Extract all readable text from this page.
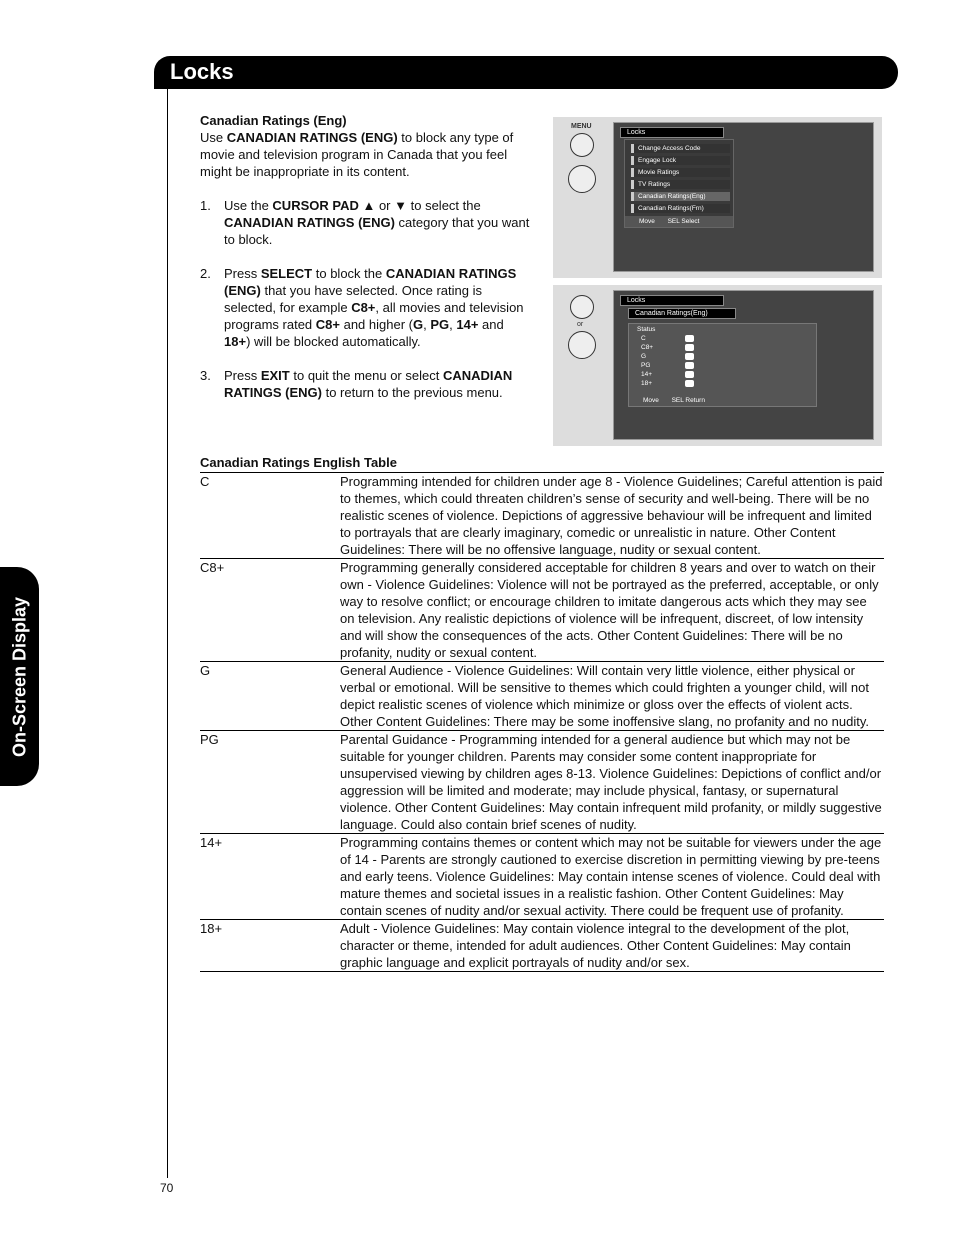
Locks
On-Screen Display
70

Canadian Ratings (Eng)

Use CANADIAN RATINGS (ENG) to block any type of movie and television program in Canada that you feel might be inappropriate in its content.

1.	Use the CURSOR PAD ▲ or ▼ to select the CANADIAN RATINGS (ENG) category that you want to block.
2.	Press SELECT to block the CANADIAN RATINGS (ENG) that you have selected. Once rating is selected, for example C8+, all movies and television programs rated C8+ and higher (G, PG, 14+ and 18+) will be blocked automatically.
3.	Press EXIT to quit the menu or select CANADIAN RATINGS (ENG) to return to the previous menu.
MENU
Locks
Change Access Code
Engage Lock
Movie Ratings
TV Ratings
Canadian Ratings(Eng)
Canadian Ratings(Frn)
Move SEL Select
or
Locks
Canadian Ratings(Eng)
Status
C
C8+
G
PG
14+
18+
Move SEL Return
Canadian Ratings English Table
C	Programming intended for children under age 8 - Violence Guidelines; Careful attention is paid to themes, which could threaten children’s sense of security and well-being. There will be no realistic scenes of violence. Depictions of aggressive behaviour will be infrequent and limited to portrayals that are clearly imaginary, comedic or unrealistic in nature. Other Content Guidelines: There will be no offensive language, nudity or sexual content.
C8+	Programming generally considered acceptable for children 8 years and over to watch on their own - Violence Guidelines: Violence will not be portrayed as the preferred, acceptable, or only way to resolve conflict; or encourage children to imitate dangerous acts which they may see on television. Any realistic depictions of violence will be infrequent, discreet, of low intensity and will show the consequences of the acts. Other Content Guidelines: There will be no profanity, nudity or sexual content.
G	General Audience - Violence Guidelines: Will contain very little violence, either physical or verbal or emotional. Will be sensitive to themes which could frighten a younger child, will not depict realistic scenes of violence which minimize or gloss over the effects of violent acts. Other Content Guidelines: There may be some inoffensive slang, no profanity and no nudity.
PG	Parental Guidance - Programming intended for a general audience but which may not be suitable for younger children. Parents may consider some content inappropriate for unsupervised viewing by children ages 8-13. Violence Guidelines: Depictions of conflict and/or aggression will be limited and moderate; may include physical, fantasy, or supernatural violence. Other Content Guidelines: May contain infrequent mild profanity, or mildly suggestive language. Could also contain brief scenes of nudity.
14+	Programming contains themes or content which may not be suitable for viewers under the age of 14 - Parents are strongly cautioned to exercise discretion in permitting viewing by pre-teens and early teens. Violence Guidelines: May contain intense scenes of violence. Could deal with mature themes and societal issues in a realistic fashion. Other Content Guidelines: May contain scenes of nudity and/or sexual activity. There could be frequent use of profanity.
18+	Adult - Violence Guidelines: May contain violence integral to the development of the plot, character or theme, intended for adult audiences. Other Content Guidelines: May contain graphic language and explicit portrayals of nudity and/or sex.
